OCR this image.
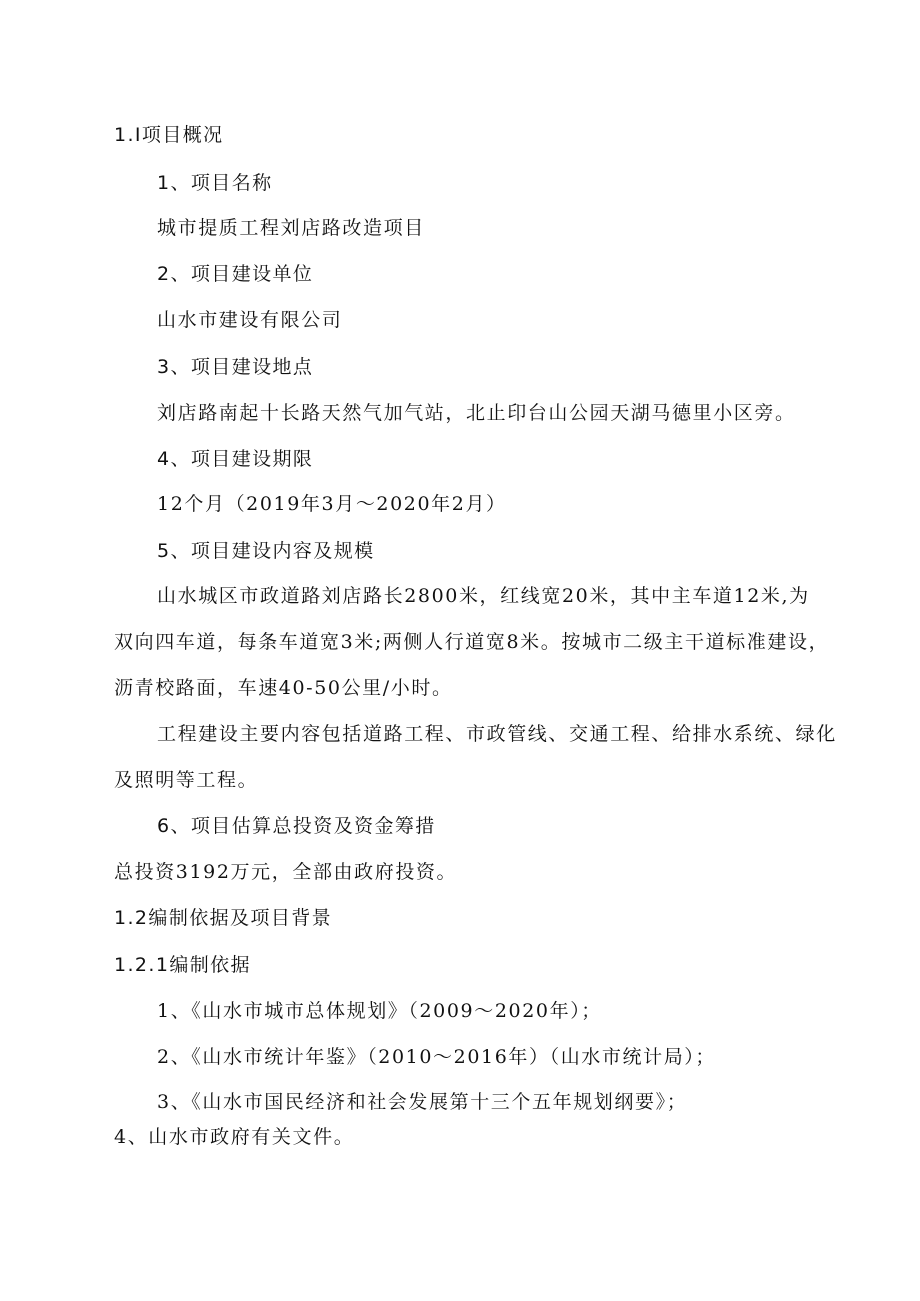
1.I项目概况
1、项目名称
城市提质工程刘店路改造项目
2、项目建设单位
山水市建设有限公司
3、项目建设地点
刘店路南起十长路天然气加气站，北止印台山公园天湖马德里小区旁。
4、项目建设期限
12个月（2019年3月～2020年2月）
5、项目建设内容及规模
山水城区市政道路刘店路长2800米，红线宽20米，其中主车道12米,为
双向四车道，每条车道宽3米;两侧人行道宽8米。按城市二级主干道标准建设，
沥青校路面，车速40-50公里/小时。
工程建设主要内容包括道路工程、市政管线、交通工程、给排水系统、绿化
及照明等工程。
6、项目估算总投资及资金筹措
总投资3192万元，全部由政府投资。
1.2编制依据及项目背景
1.2.1编制依据
1、《山水市城市总体规划》（2009～2020年）；
2、《山水市统计年鉴》（2010～2016年）（山水市统计局）；
3、《山水市国民经济和社会发展第十三个五年规划纲要》；
4、山水市政府有关文件。
